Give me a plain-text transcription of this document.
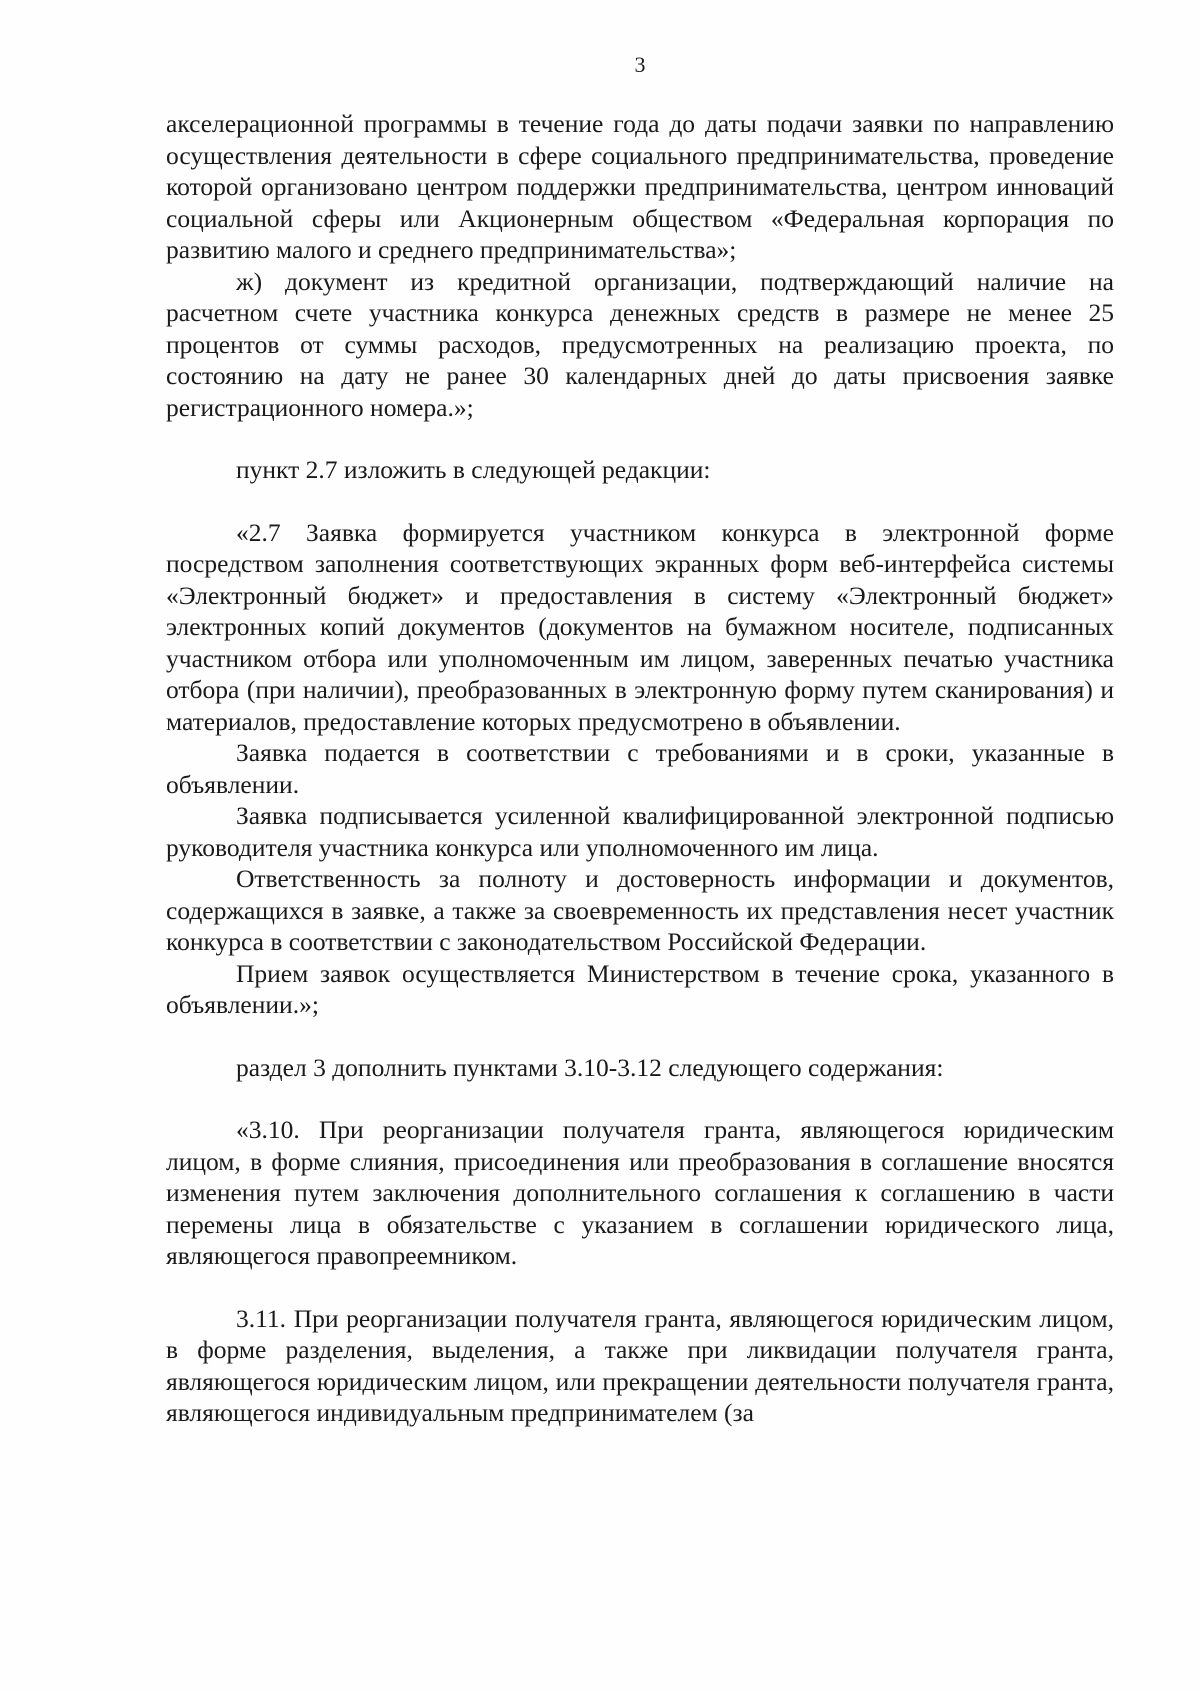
3

акселерационной программы в течение года до даты подачи заявки по направлению осуществления деятельности в сфере социального предпринимательства, проведение которой организовано центром поддержки предпринимательства, центром инноваций социальной сферы или Акционерным обществом «Федеральная корпорация по развитию малого и среднего предпринимательства»;

ж) документ из кредитной организации, подтверждающий наличие на расчетном счете участника конкурса денежных средств в размере не менее 25 процентов от суммы расходов, предусмотренных на реализацию проекта, по состоянию на дату не ранее 30 календарных дней до даты присвоения заявке регистрационного номера.»;

пункт 2.7 изложить в следующей редакции:

«2.7 Заявка формируется участником конкурса в электронной форме посредством заполнения соответствующих экранных форм веб-интерфейса системы «Электронный бюджет» и предоставления в систему «Электронный бюджет» электронных копий документов (документов на бумажном носителе, подписанных участником отбора или уполномоченным им лицом, заверенных печатью участника отбора (при наличии), преобразованных в электронную форму путем сканирования) и материалов, предоставление которых предусмотрено в объявлении.

Заявка подается в соответствии с требованиями и в сроки, указанные в объявлении.

Заявка подписывается усиленной квалифицированной электронной подписью руководителя участника конкурса или уполномоченного им лица.

Ответственность за полноту и достоверность информации и документов, содержащихся в заявке, а также за своевременность их представления несет участник конкурса в соответствии с законодательством Российской Федерации.

Прием заявок осуществляется Министерством в течение срока, указанного в объявлении.»;

раздел 3 дополнить пунктами 3.10-3.12 следующего содержания:

«3.10. При реорганизации получателя гранта, являющегося юридическим лицом, в форме слияния, присоединения или преобразования в соглашение вносятся изменения путем заключения дополнительного соглашения к соглашению в части перемены лица в обязательстве с указанием в соглашении юридического лица, являющегося правопреемником.

3.11. При реорганизации получателя гранта, являющегося юридическим лицом, в форме разделения, выделения, а также при ликвидации получателя гранта, являющегося юридическим лицом, или прекращении деятельности получателя гранта, являющегося индивидуальным предпринимателем (за
